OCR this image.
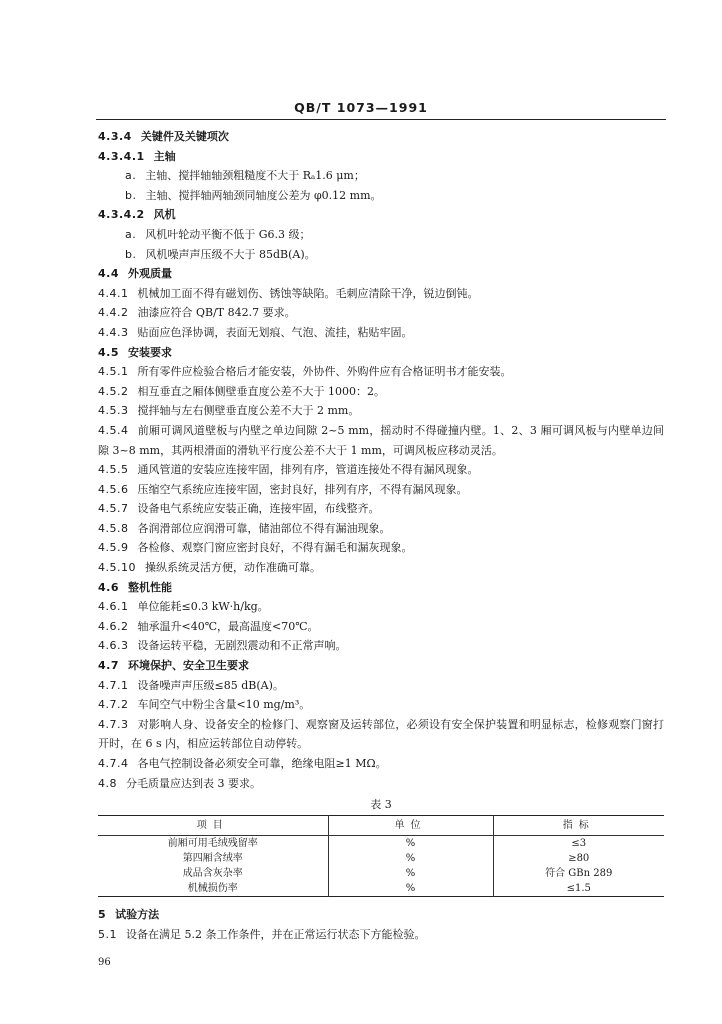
QB/T 1073—1991
4.3.4 关键件及关键项次
4.3.4.1 主轴
a. 主轴、搅拌轴轴颈粗糙度不大于 Rₐ1.6 μm；
b. 主轴、搅拌轴两轴颈同轴度公差为 φ0.12 mm。
4.3.4.2 风机
a. 风机叶轮动平衡不低于 G6.3 级；
b. 风机噪声声压级不大于 85dB(A)。
4.4 外观质量
4.4.1 机械加工面不得有磁划伤、锈蚀等缺陷。毛刺应清除干净，锐边倒钝。
4.4.2 油漆应符合 QB/T 842.7 要求。
4.4.3 贴面应色泽协调，表面无划痕、气泡、流挂，粘贴牢固。
4.5 安装要求
4.5.1 所有零件应检验合格后才能安装，外协件、外购件应有合格证明书才能安装。
4.5.2 相互垂直之厢体侧壁垂直度公差不大于 1000：2。
4.5.3 搅拌轴与左右侧壁垂直度公差不大于 2 mm。
4.5.4 前厢可调风道壁板与内壁之单边间隙 2~5 mm，摇动时不得碰撞内壁。1、2、3 厢可调风板与内壁单边间隙 3~8 mm，其两根滑面的滑轨平行度公差不大于 1 mm，可调风板应移动灵活。
4.5.5 通风管道的安装应连接牢固，排列有序，管道连接处不得有漏风现象。
4.5.6 压缩空气系统应连接牢固，密封良好，排列有序，不得有漏风现象。
4.5.7 设备电气系统应安装正确，连接牢固，布线整齐。
4.5.8 各润滑部位应润滑可靠，储油部位不得有漏油现象。
4.5.9 各检修、观察门窗应密封良好，不得有漏毛和漏灰现象。
4.5.10 操纵系统灵活方便，动作准确可靠。
4.6 整机性能
4.6.1 单位能耗≤0.3 kW·h/kg。
4.6.2 轴承温升<40℃，最高温度<70℃。
4.6.3 设备运转平稳，无剧烈震动和不正常声响。
4.7 环境保护、安全卫生要求
4.7.1 设备噪声声压级≤85 dB(A)。
4.7.2 车间空气中粉尘含量<10 mg/m³。
4.7.3 对影响人身、设备安全的检修门、观察窗及运转部位，必须设有安全保护装置和明显标志，检修观察门窗打开时，在 6 s 内，相应运转部位自动停转。
4.7.4 各电气控制设备必须安全可靠，绝缘电阻≥1 MΩ。
4.8 分毛质量应达到表 3 要求。
表 3
项目	单位	指标
前厢可用毛绒残留率	%	≤3
第四厢含绒率	%	≥80
成品含灰杂率	%	符合 GBn 289
机械损伤率	%	≤1.5
5 试验方法
5.1 设备在满足 5.2 条工作条件，并在正常运行状态下方能检验。
96
